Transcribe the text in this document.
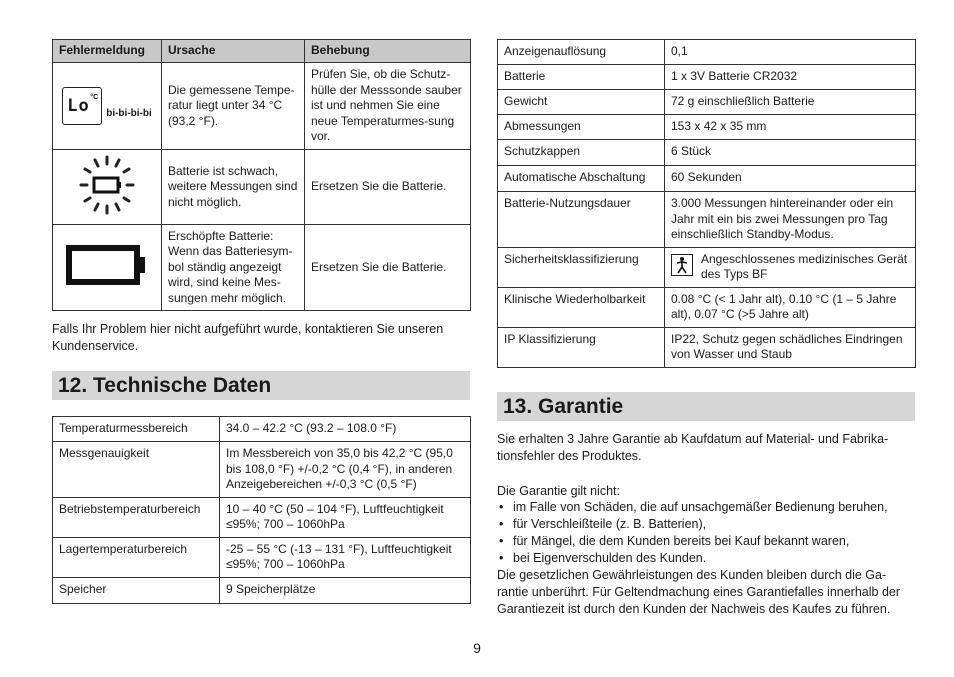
Fehlermeldung	Ursache	Behebung

Lo °C
bi-bi-bi-bi	Die gemessene Tempe-ratur liegt unter 34 °C (93,2 °F).	Prüfen Sie, ob die Schutz-hülle der Messsonde sauber ist und nehmen Sie eine neue Temperaturmes-sung vor.
	Batterie ist schwach, weitere Messungen sind nicht möglich.	Ersetzen Sie die Batterie.
	Erschöpfte Batterie: Wenn das Batteriesym-bol ständig angezeigt wird, sind keine Mes-sungen mehr möglich.	Ersetzen Sie die Batterie.
Falls Ihr Problem hier nicht aufgeführt wurde, kontaktieren Sie unseren Kundenservice.
12. Technische Daten
Temperaturmessbereich	34.0 – 42.2 °C (93.2 – 108.0 °F)
Messgenauigkeit	Im Messbereich von 35,0 bis 42,2 °C (95,0 bis 108,0 °F) +/-0,2 °C (0,4 °F), in anderen Anzeigebereichen +/-0,3 °C (0,5 °F)
Betriebstemperaturbereich	10 – 40 °C (50 – 104 °F), Luftfeuchtigkeit ≤95%; 700 – 1060hPa
Lagertemperaturbereich	-25 – 55 °C (-13 – 131 °F), Luftfeuchtigkeit ≤95%; 700 – 1060hPa
Speicher	9 Speicherplätze
Anzeigenauflösung	0,1
Batterie	1 x 3V Batterie CR2032
Gewicht	72 g einschließlich Batterie
Abmessungen	153 x 42 x 35 mm
Schutzkappen	6 Stück
Automatische Abschaltung	60 Sekunden
Batterie-Nutzungsdauer	3.000 Messungen hintereinander oder ein Jahr mit ein bis zwei Messungen pro Tag einschließlich Standby-Modus.
Sicherheitsklassifizierung	Angeschlossenes medizinisches Gerät des Typs BF

Klinische Wiederholbarkeit	0.08 °C (< 1 Jahr alt), 0.10 °C (1 – 5 Jahre alt), 0.07 °C (>5 Jahre alt)
IP Klassifizierung	IP22, Schutz gegen schädliches Eindringen von Wasser und Staub
13. Garantie
Sie erhalten 3 Jahre Garantie ab Kaufdatum auf Material- und Fabrika-tionsfehler des Produktes.
Die Garantie gilt nicht:
• im Falle von Schäden, die auf unsachgemäßer Bedienung beruhen,
• für Verschleißteile (z. B. Batterien),
• für Mängel, die dem Kunden bereits bei Kauf bekannt waren,
• bei Eigenverschulden des Kunden.
Die gesetzlichen Gewährleistungen des Kunden bleiben durch die Ga-rantie unberührt. Für Geltendmachung eines Garantiefalles innerhalb der Garantiezeit ist durch den Kunden der Nachweis des Kaufes zu führen.
9
